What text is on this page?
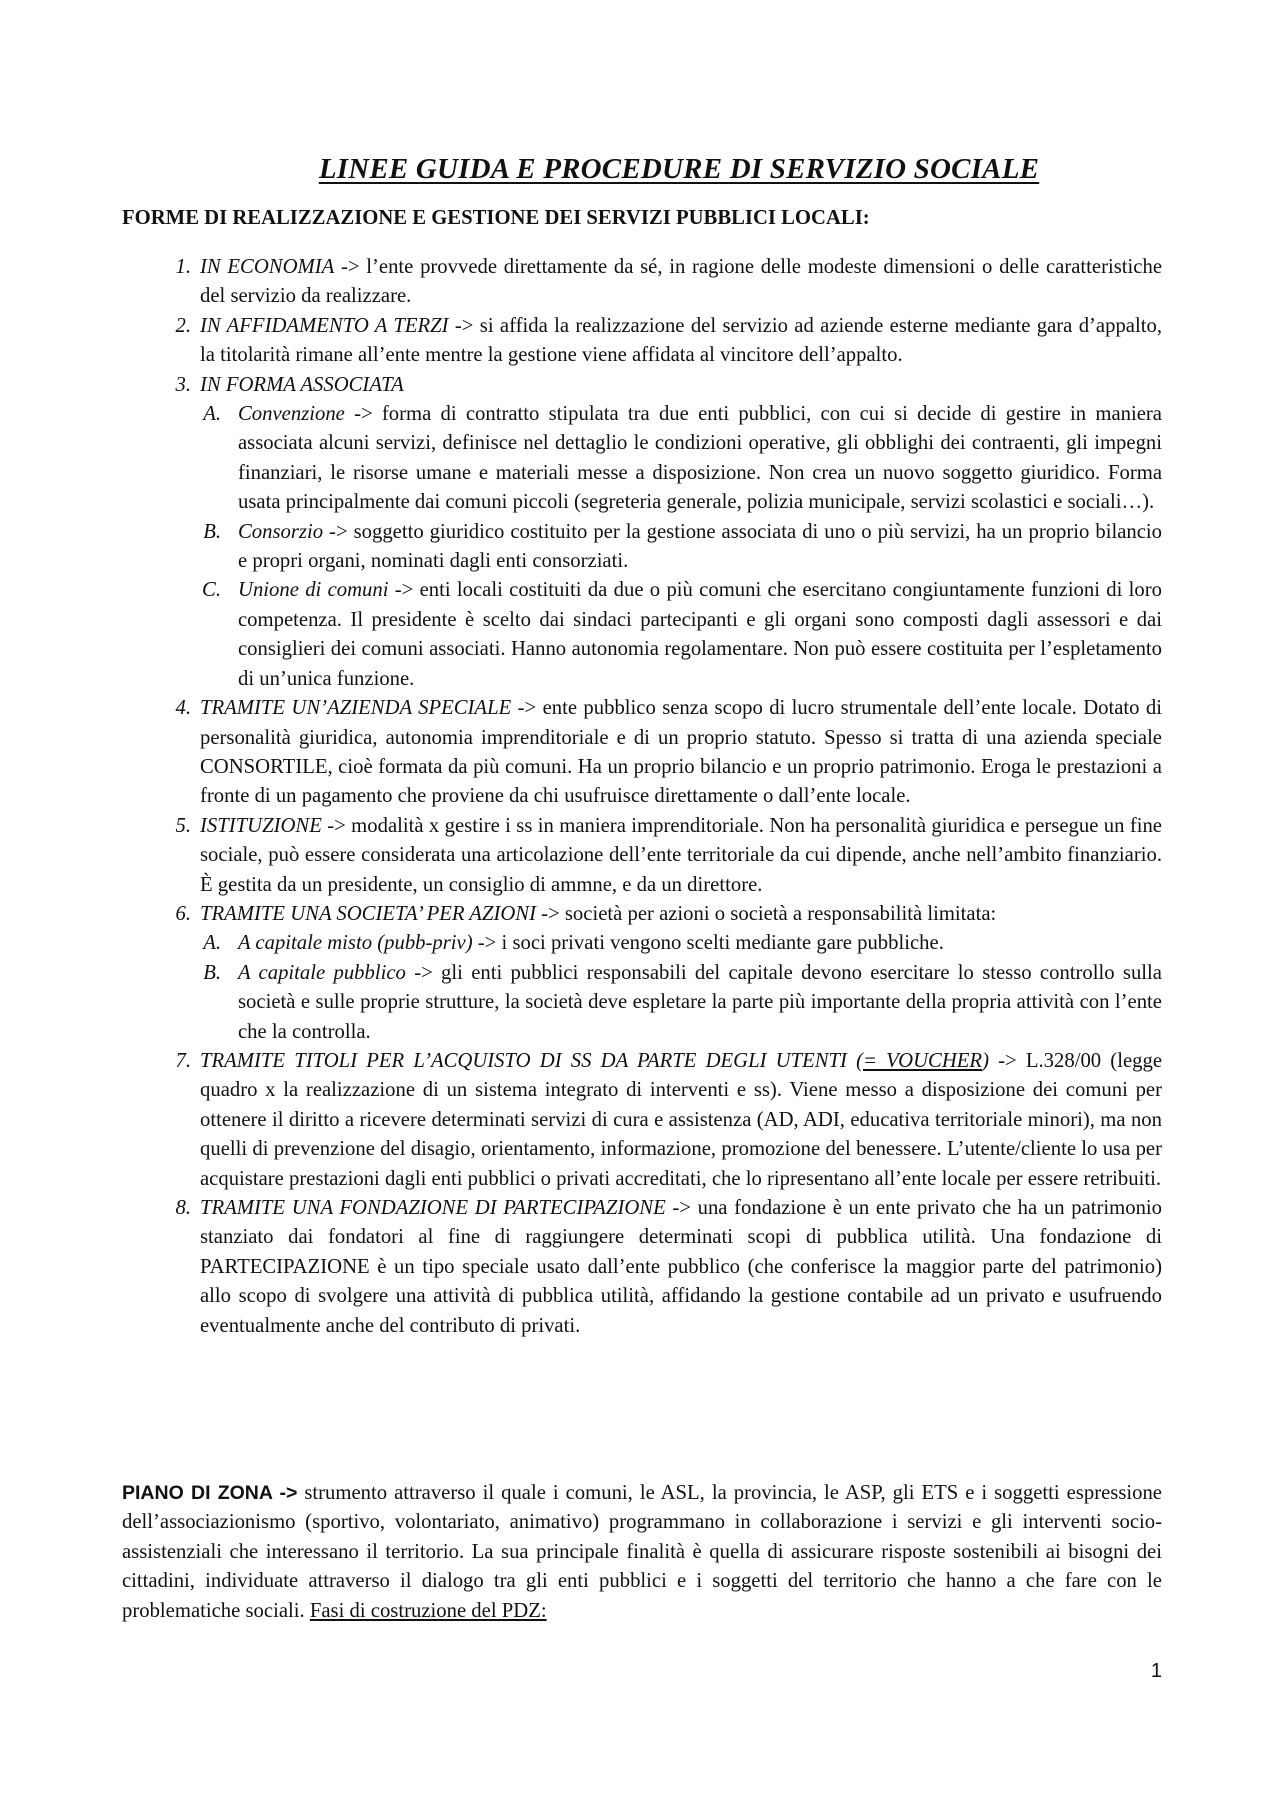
LINEE GUIDA E PROCEDURE DI SERVIZIO SOCIALE
FORME DI REALIZZAZIONE E GESTIONE DEI SERVIZI PUBBLICI LOCALI:
1. IN ECONOMIA -> l’ente provvede direttamente da sé, in ragione delle modeste dimensioni o delle caratteristiche del servizio da realizzare.
2. IN AFFIDAMENTO A TERZI -> si affida la realizzazione del servizio ad aziende esterne mediante gara d’appalto, la titolarità rimane all’ente mentre la gestione viene affidata al vincitore dell’appalto.
3. IN FORMA ASSOCIATA
A. Convenzione -> forma di contratto stipulata tra due enti pubblici, con cui si decide di gestire in maniera associata alcuni servizi, definisce nel dettaglio le condizioni operative, gli obblighi dei contraenti, gli impegni finanziari, le risorse umane e materiali messe a disposizione. Non crea un nuovo soggetto giuridico. Forma usata principalmente dai comuni piccoli (segreteria generale, polizia municipale, servizi scolastici e sociali…).
B. Consorzio -> soggetto giuridico costituito per la gestione associata di uno o più servizi, ha un proprio bilancio e propri organi, nominati dagli enti consorziati.
C. Unione di comuni -> enti locali costituiti da due o più comuni che esercitano congiuntamente funzioni di loro competenza. Il presidente è scelto dai sindaci partecipanti e gli organi sono composti dagli assessori e dai consiglieri dei comuni associati. Hanno autonomia regolamentare. Non può essere costituita per l’espletamento di un’unica funzione.
4. TRAMITE UN’AZIENDA SPECIALE -> ente pubblico senza scopo di lucro strumentale dell’ente locale. Dotato di personalità giuridica, autonomia imprenditoriale e di un proprio statuto. Spesso si tratta di una azienda speciale CONSORTILE, cioè formata da più comuni. Ha un proprio bilancio e un proprio patrimonio. Eroga le prestazioni a fronte di un pagamento che proviene da chi usufruisce direttamente o dall’ente locale.
5. ISTITUZIONE -> modalità x gestire i ss in maniera imprenditoriale. Non ha personalità giuridica e persegue un fine sociale, può essere considerata una articolazione dell’ente territoriale da cui dipende, anche nell’ambito finanziario. È gestita da un presidente, un consiglio di ammne, e da un direttore.
6. TRAMITE UNA SOCIETA’ PER AZIONI -> società per azioni o società a responsabilità limitata:
A. A capitale misto (pubb-priv) -> i soci privati vengono scelti mediante gare pubbliche.
B. A capitale pubblico -> gli enti pubblici responsabili del capitale devono esercitare lo stesso controllo sulla società e sulle proprie strutture, la società deve espletare la parte più importante della propria attività con l’ente che la controlla.
7. TRAMITE TITOLI PER L’ACQUISTO DI SS DA PARTE DEGLI UTENTI (= VOUCHER) -> L.328/00 (legge quadro x la realizzazione di un sistema integrato di interventi e ss). Viene messo a disposizione dei comuni per ottenere il diritto a ricevere determinati servizi di cura e assistenza (AD, ADI, educativa territoriale minori), ma non quelli di prevenzione del disagio, orientamento, informazione, promozione del benessere. L’utente/cliente lo usa per acquistare prestazioni dagli enti pubblici o privati accreditati, che lo ripresentano all’ente locale per essere retribuiti.
8. TRAMITE UNA FONDAZIONE DI PARTECIPAZIONE -> una fondazione è un ente privato che ha un patrimonio stanziato dai fondatori al fine di raggiungere determinati scopi di pubblica utilità. Una fondazione di PARTECIPAZIONE è un tipo speciale usato dall’ente pubblico (che conferisce la maggior parte del patrimonio) allo scopo di svolgere una attività di pubblica utilità, affidando la gestione contabile ad un privato e usufruendo eventualmente anche del contributo di privati.
PIANO DI ZONA -> strumento attraverso il quale i comuni, le ASL, la provincia, le ASP, gli ETS e i soggetti espressione dell’associazionismo (sportivo, volontariato, animativo) programmano in collaborazione i servizi e gli interventi socio-assistenziali che interessano il territorio. La sua principale finalità è quella di assicurare risposte sostenibili ai bisogni dei cittadini, individuate attraverso il dialogo tra gli enti pubblici e i soggetti del territorio che hanno a che fare con le problematiche sociali. Fasi di costruzione del PDZ:
1
